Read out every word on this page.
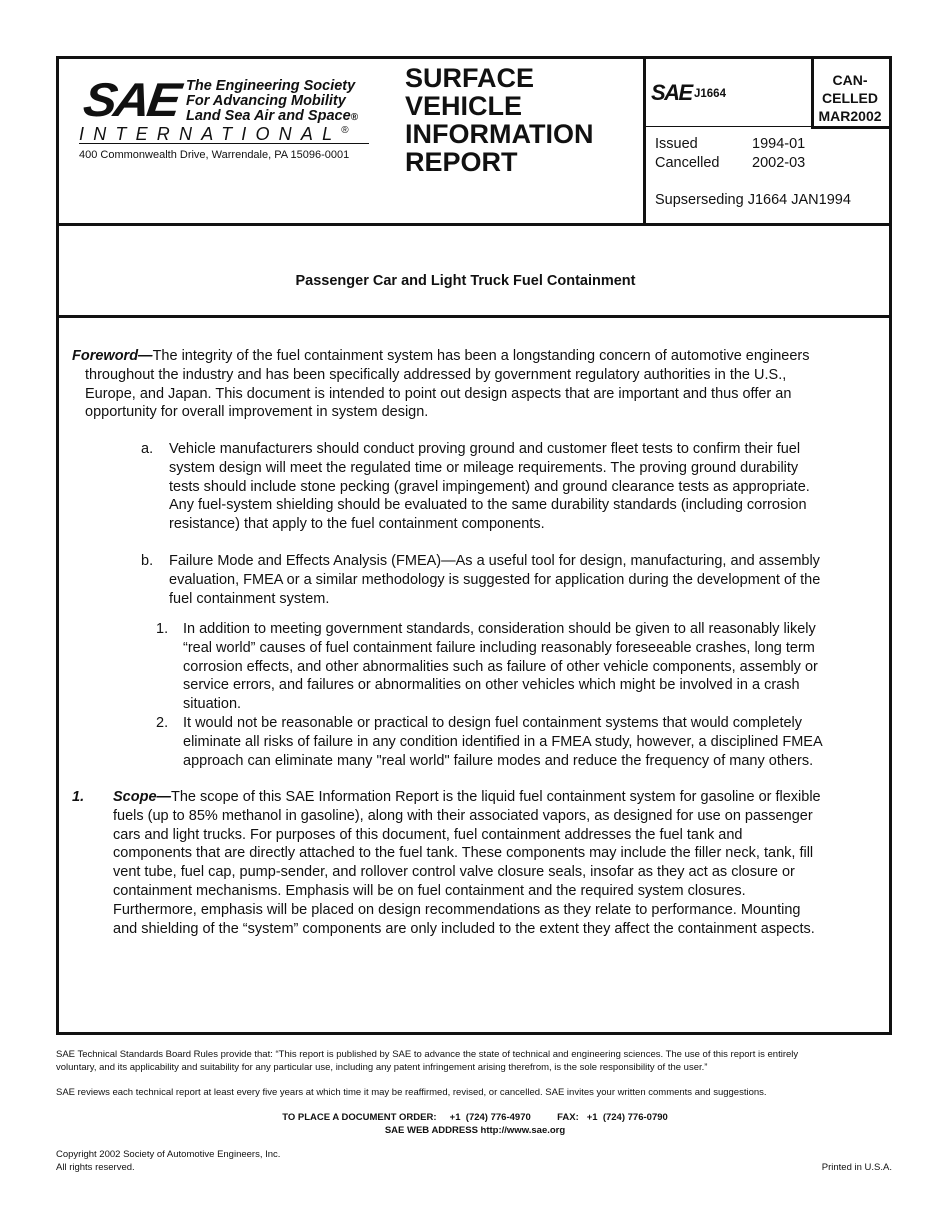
SAE The Engineering Society
For Advancing Mobility
Land Sea Air and Space®
INTERNATIONAL®
400 Commonwealth Drive, Warrendale, PA 15096-0001
SURFACE
VEHICLE
INFORMATION
REPORT
SAE J1664
CAN-
CELLED
MAR2002
Issued	1994-01
Cancelled 2002-03
Supserseding J1664 JAN1994
Passenger Car and Light Truck Fuel Containment

Foreword—The integrity of the fuel containment system has been a longstanding concern of automotive engineers

throughout the industry and has been specifically addressed by government regulatory authorities in the U.S.,

Europe, and Japan. This document is intended to point out design aspects that are important and thus offer an

opportunity for overall improvement in system design.

a. Vehicle manufacturers should conduct proving ground and customer fleet tests to confirm their fuel

system design will meet the regulated time or mileage requirements. The proving ground durability

tests should include stone pecking (gravel impingement) and ground clearance tests as appropriate.

Any fuel-system shielding should be evaluated to the same durability standards (including corrosion

resistance) that apply to the fuel containment components.

b. Failure Mode and Effects Analysis (FMEA)—As a useful tool for design, manufacturing, and assembly

evaluation, FMEA or a similar methodology is suggested for application during the development of the

fuel containment system.

1. In addition to meeting government standards, consideration should be given to all reasonably likely

“real world” causes of fuel containment failure including reasonably foreseeable crashes, long term

corrosion effects, and other abnormalities such as failure of other vehicle components, assembly or

service errors, and failures or abnormalities on other vehicles which might be involved in a crash

situation.

2. It would not be reasonable or practical to design fuel containment systems that would completely

eliminate all risks of failure in any condition identified in a FMEA study, however, a disciplined FMEA

approach can eliminate many "real world" failure modes and reduce the frequency of many others.

1. Scope—The scope of this SAE Information Report is the liquid fuel containment system for gasoline or flexible

fuels (up to 85% methanol in gasoline), along with their associated vapors, as designed for use on passenger

cars and light trucks. For purposes of this document, fuel containment addresses the fuel tank and

components that are directly attached to the fuel tank. These components may include the filler neck, tank, fill

vent tube, fuel cap, pump-sender, and rollover control valve closure seals, insofar as they act as closure or

containment mechanisms. Emphasis will be on fuel containment and the required system closures.

Furthermore, emphasis will be placed on design recommendations as they relate to performance. Mounting

and shielding of the “system” components are only included to the extent they affect the containment aspects.

SAE Technical Standards Board Rules provide that: “This report is published by SAE to advance the state of technical and engineering sciences. The use of this report is entirely
voluntary, and its applicability and suitability for any particular use, including any patent infringement arising therefrom, is the sole responsibility of the user.”
SAE reviews each technical report at least every five years at which time it may be reaffirmed, revised, or cancelled. SAE invites your written comments and suggestions.
TO PLACE A DOCUMENT ORDER:     +1  (724) 776-4970          FAX:   +1  (724) 776-0790
SAE WEB ADDRESS http://www.sae.org
Copyright 2002 Society of Automotive Engineers, Inc.
All rights reserved.	Printed in U.S.A.
